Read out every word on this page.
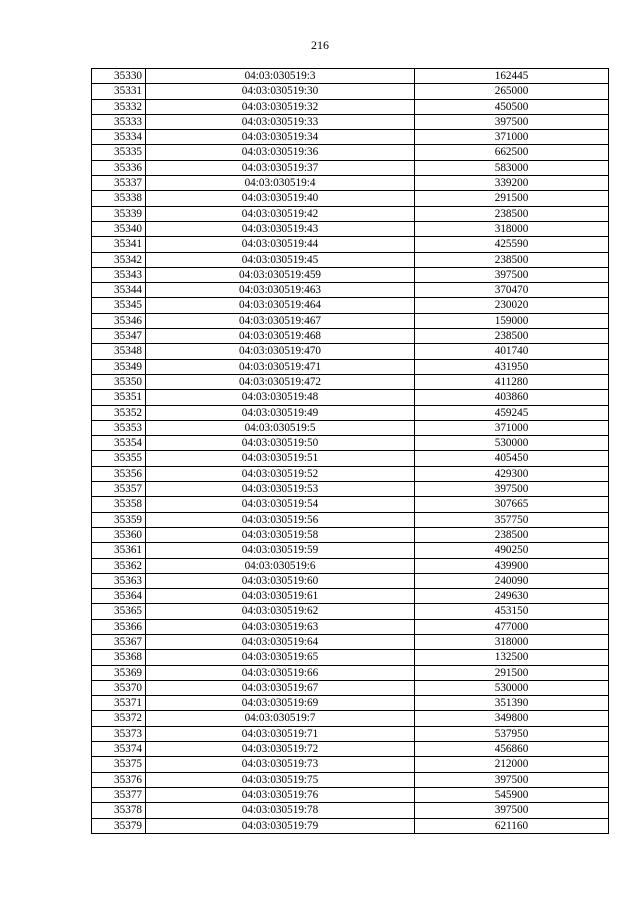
216
35330	04:03:030519:3	162445
35331	04:03:030519:30	265000
35332	04:03:030519:32	450500
35333	04:03:030519:33	397500
35334	04:03:030519:34	371000
35335	04:03:030519:36	662500
35336	04:03:030519:37	583000
35337	04:03:030519:4	339200
35338	04:03:030519:40	291500
35339	04:03:030519:42	238500
35340	04:03:030519:43	318000
35341	04:03:030519:44	425590
35342	04:03:030519:45	238500
35343	04:03:030519:459	397500
35344	04:03:030519:463	370470
35345	04:03:030519:464	230020
35346	04:03:030519:467	159000
35347	04:03:030519:468	238500
35348	04:03:030519:470	401740
35349	04:03:030519:471	431950
35350	04:03:030519:472	411280
35351	04:03:030519:48	403860
35352	04:03:030519:49	459245
35353	04:03:030519:5	371000
35354	04:03:030519:50	530000
35355	04:03:030519:51	405450
35356	04:03:030519:52	429300
35357	04:03:030519:53	397500
35358	04:03:030519:54	307665
35359	04:03:030519:56	357750
35360	04:03:030519:58	238500
35361	04:03:030519:59	490250
35362	04:03:030519:6	439900
35363	04:03:030519:60	240090
35364	04:03:030519:61	249630
35365	04:03:030519:62	453150
35366	04:03:030519:63	477000
35367	04:03:030519:64	318000
35368	04:03:030519:65	132500
35369	04:03:030519:66	291500
35370	04:03:030519:67	530000
35371	04:03:030519:69	351390
35372	04:03:030519:7	349800
35373	04:03:030519:71	537950
35374	04:03:030519:72	456860
35375	04:03:030519:73	212000
35376	04:03:030519:75	397500
35377	04:03:030519:76	545900
35378	04:03:030519:78	397500
35379	04:03:030519:79	621160
